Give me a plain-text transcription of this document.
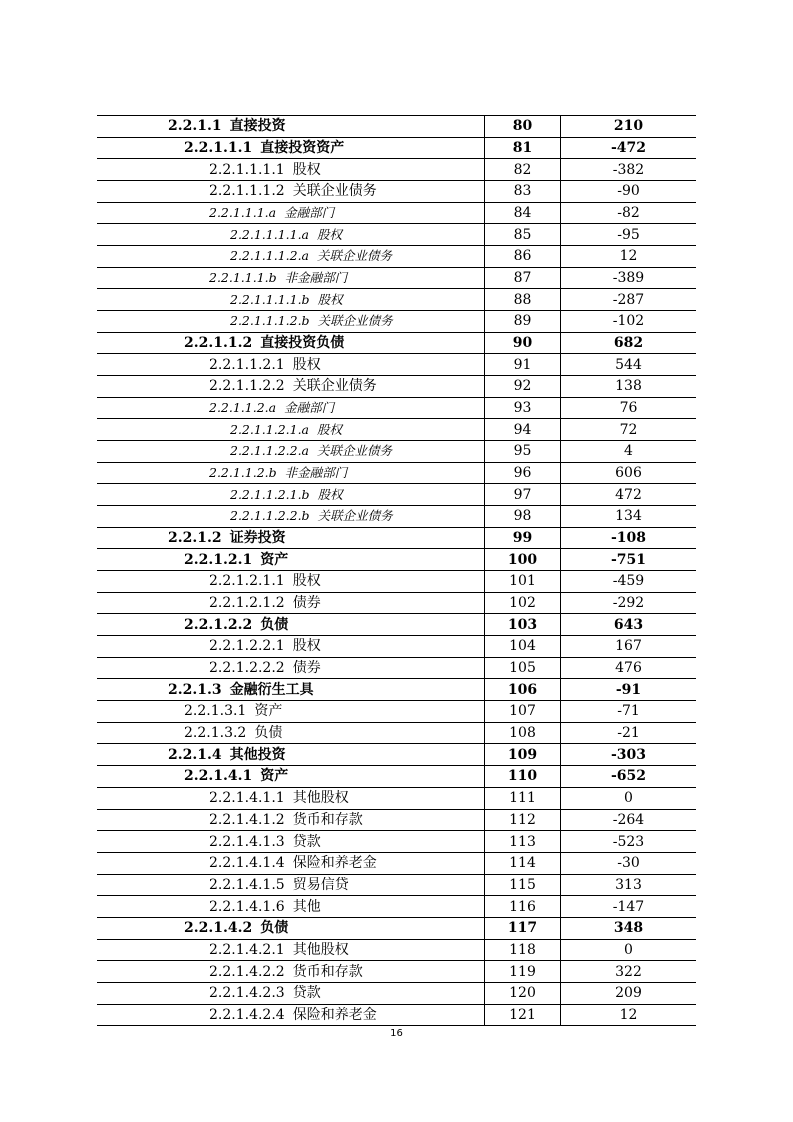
2.2.1.1 直接投资	80	210
2.2.1.1.1 直接投资资产	81	-472
2.2.1.1.1.1 股权	82	-382
2.2.1.1.1.2 关联企业债务	83	-90
2.2.1.1.1.a 金融部门	84	-82
2.2.1.1.1.1.a 股权	85	-95
2.2.1.1.1.2.a 关联企业债务	86	12
2.2.1.1.1.b 非金融部门	87	-389
2.2.1.1.1.1.b 股权	88	-287
2.2.1.1.1.2.b 关联企业债务	89	-102
2.2.1.1.2 直接投资负债	90	682
2.2.1.1.2.1 股权	91	544
2.2.1.1.2.2 关联企业债务	92	138
2.2.1.1.2.a 金融部门	93	76
2.2.1.1.2.1.a 股权	94	72
2.2.1.1.2.2.a 关联企业债务	95	4
2.2.1.1.2.b 非金融部门	96	606
2.2.1.1.2.1.b 股权	97	472
2.2.1.1.2.2.b 关联企业债务	98	134
2.2.1.2 证券投资	99	-108
2.2.1.2.1 资产	100	-751
2.2.1.2.1.1 股权	101	-459
2.2.1.2.1.2 债券	102	-292
2.2.1.2.2 负债	103	643
2.2.1.2.2.1 股权	104	167
2.2.1.2.2.2 债券	105	476
2.2.1.3 金融衍生工具	106	-91
2.2.1.3.1 资产	107	-71
2.2.1.3.2 负债	108	-21
2.2.1.4 其他投资	109	-303
2.2.1.4.1 资产	110	-652
2.2.1.4.1.1 其他股权	111	0
2.2.1.4.1.2 货币和存款	112	-264
2.2.1.4.1.3 贷款	113	-523
2.2.1.4.1.4 保险和养老金	114	-30
2.2.1.4.1.5 贸易信贷	115	313
2.2.1.4.1.6 其他	116	-147
2.2.1.4.2 负债	117	348
2.2.1.4.2.1 其他股权	118	0
2.2.1.4.2.2 货币和存款	119	322
2.2.1.4.2.3 贷款	120	209
2.2.1.4.2.4 保险和养老金	121	12
16
